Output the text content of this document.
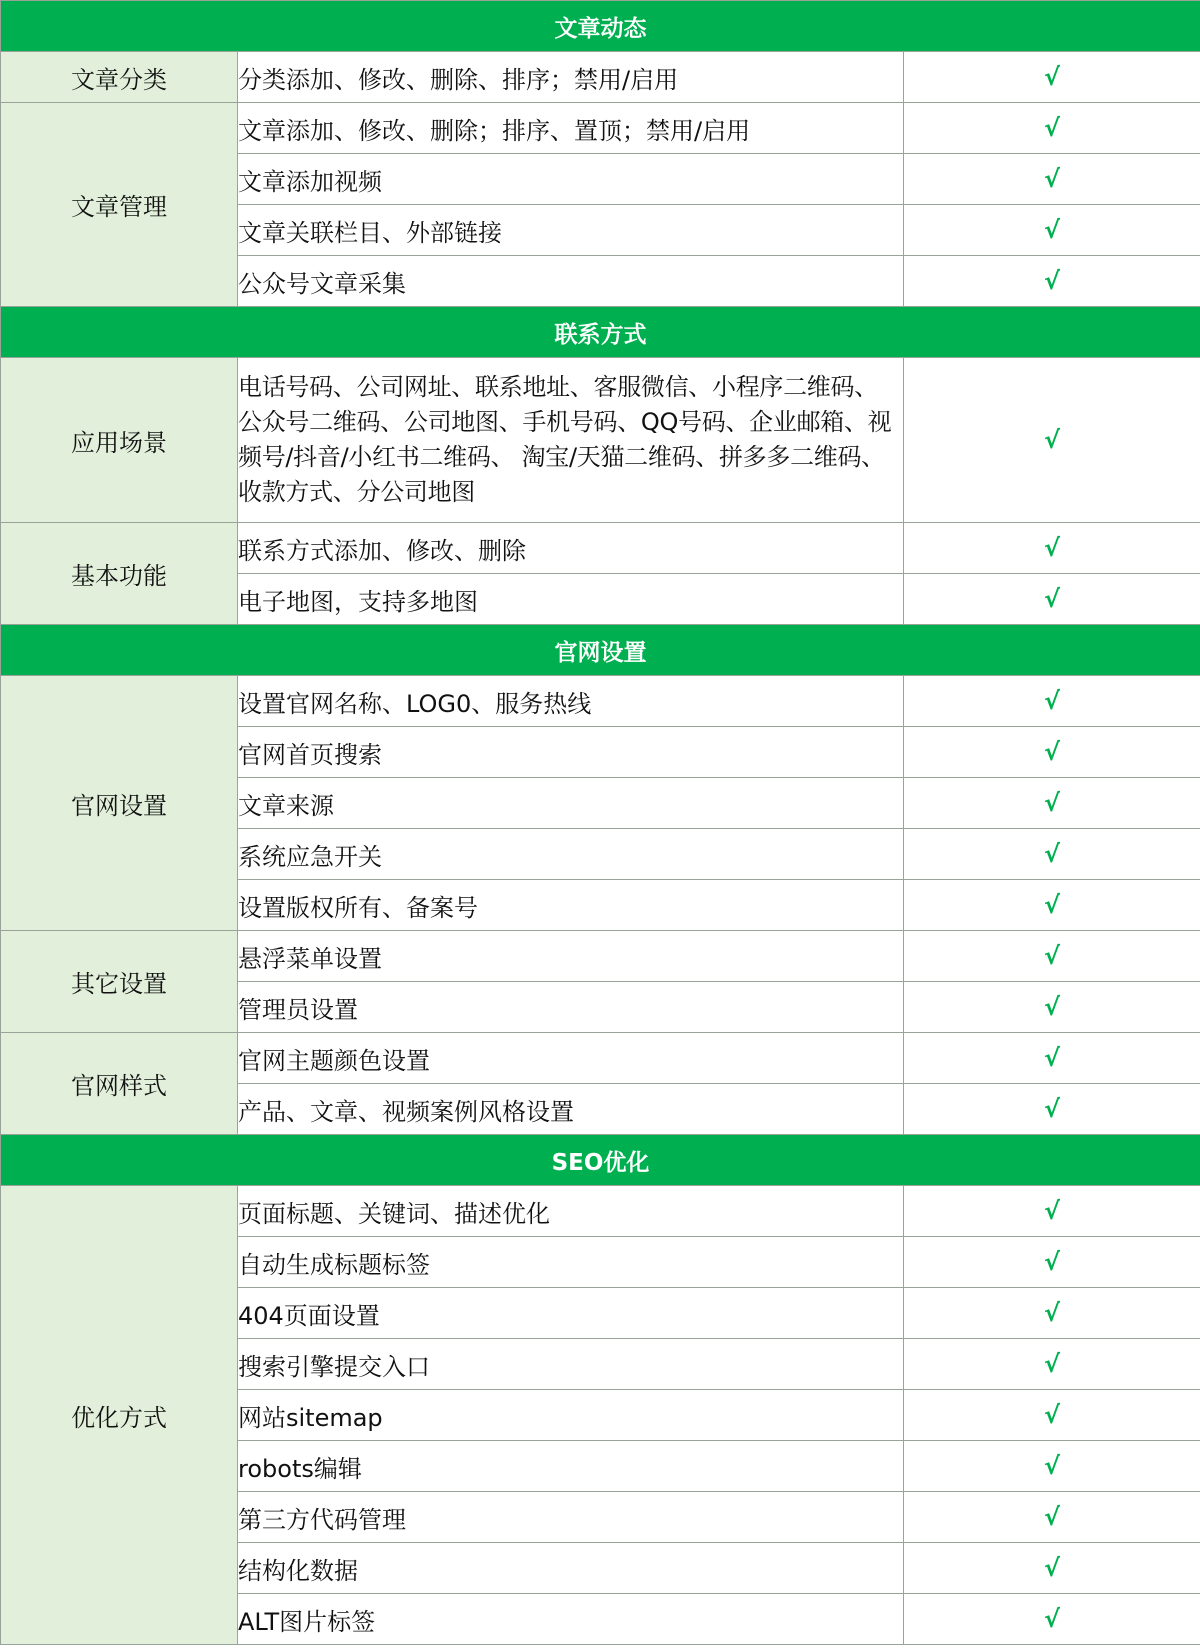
文章动态		
文章分类	分类添加、修改、删除、排序；禁用/启用	√
文章管理	文章添加、修改、删除；排序、置顶；禁用/启用	√
	文章添加视频	√
	文章关联栏目、外部链接	√
	公众号文章采集	√
联系方式		
应用场景	电话号码、公司网址、联系地址、客服微信、小程序二维码、公众号二维码、公司地图、手机号码、QQ号码、企业邮箱、视频号/抖音/小红书二维码、 淘宝/天猫二维码、拼多多二维码、收款方式、分公司地图	√
基本功能	联系方式添加、修改、删除	√
	电子地图，支持多地图	√
官网设置		
官网设置	设置官网名称、LOG0、服务热线	√
	官网首页搜索	√
	文章来源	√
	系统应急开关	√
	设置版权所有、备案号	√
其它设置	悬浮菜单设置	√
	管理员设置	√
官网样式	官网主题颜色设置	√
	产品、文章、视频案例风格设置	√
SEO优化		
优化方式	页面标题、关键词、描述优化	√
	自动生成标题标签	√
	404页面设置	√
	搜索引擎提交入口	√
	网站sitemap	√
	robots编辑	√
	第三方代码管理	√
	结构化数据	√
	ALT图片标签	√
